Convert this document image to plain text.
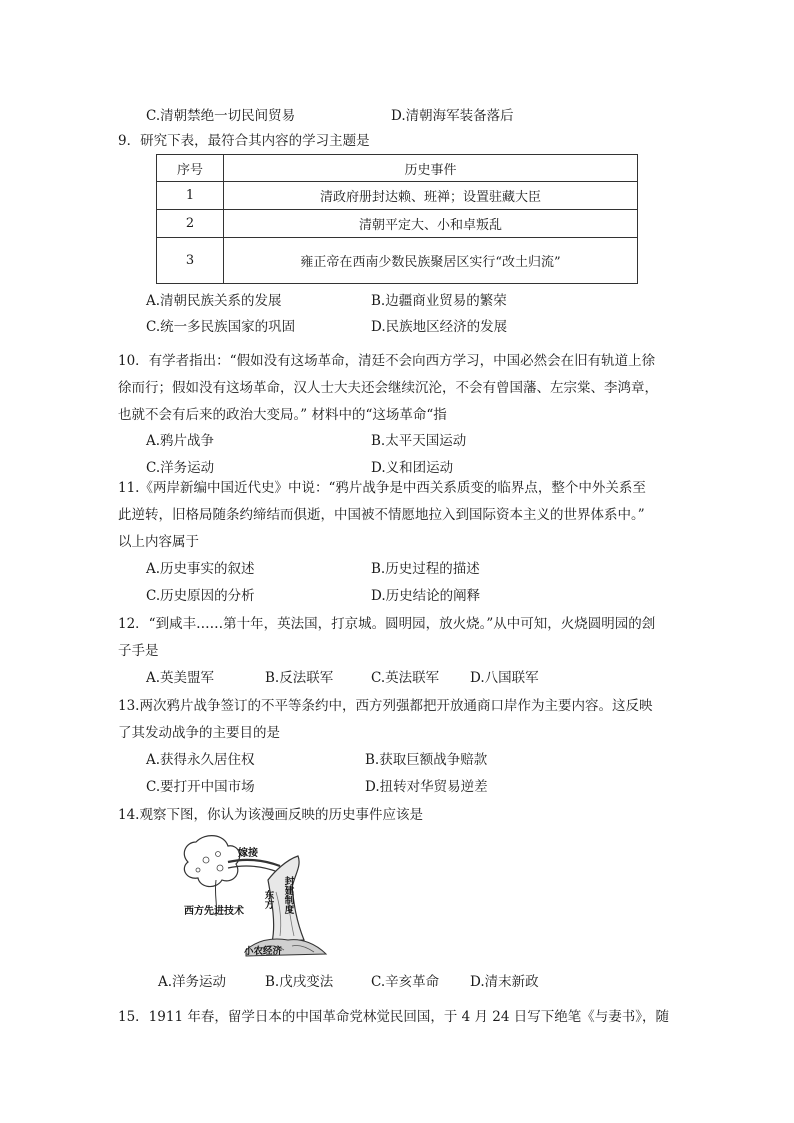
C.清朝禁绝一切民间贸易	D.清朝海军装备落后
9．研究下表，最符合其内容的学习主题是
序号	历史事件
1	清政府册封达赖、班禅；设置驻藏大臣
2	清朝平定大、小和卓叛乱
3	雍正帝在西南少数民族聚居区实行“改土归流”
A.清朝民族关系的发展	B.边疆商业贸易的繁荣
C.统一多民族国家的巩固	D.民族地区经济的发展
10．有学者指出：“假如没有这场革命，清廷不会向西方学习，中国必然会在旧有轨道上徐
徐而行；假如没有这场革命，汉人士大夫还会继续沉沦，不会有曾国藩、左宗棠、李鸿章，
也就不会有后来的政治大变局。” 材料中的“这场革命“指
A.鸦片战争	B.太平天国运动
C.洋务运动	D.义和团运动
11.《两岸新编中国近代史》中说：“鸦片战争是中西关系质变的临界点，整个中外关系至
此逆转，旧格局随条约缔结而倶逝，中国被不情愿地拉入到国际资本主义的世界体系中。”
以上内容属于
A.历史事实的叙述	B.历史过程的描述
C.历史原因的分析	D.历史结论的阐释
12．“到咸丰……第十年，英法国，打京城。圆明园，放火烧。”从中可知，火烧圆明园的刽
子手是
A.英美盟军	B.反法联军	C.英法联军 D.八国联军
13.两次鸦片战争签订的不平等条约中，西方列强都把开放通商口岸作为主要内容。这反映
了其发动战争的主要目的是
A.获得永久居住权	B.获取巨额战争赔款
C.要打开中国市场	D.扭转对华贸易逆差
14.观察下图，你认为该漫画反映的历史事件应该是
嫁接
东方 封建制度
西方先进技术
小农经济
A.洋务运动	B.戊戌变法	C.辛亥革命 D.清末新政
15．1911 年春，留学日本的中国革命党林觉民回国，于 4 月 24 日写下绝笔《与妻书》，随
